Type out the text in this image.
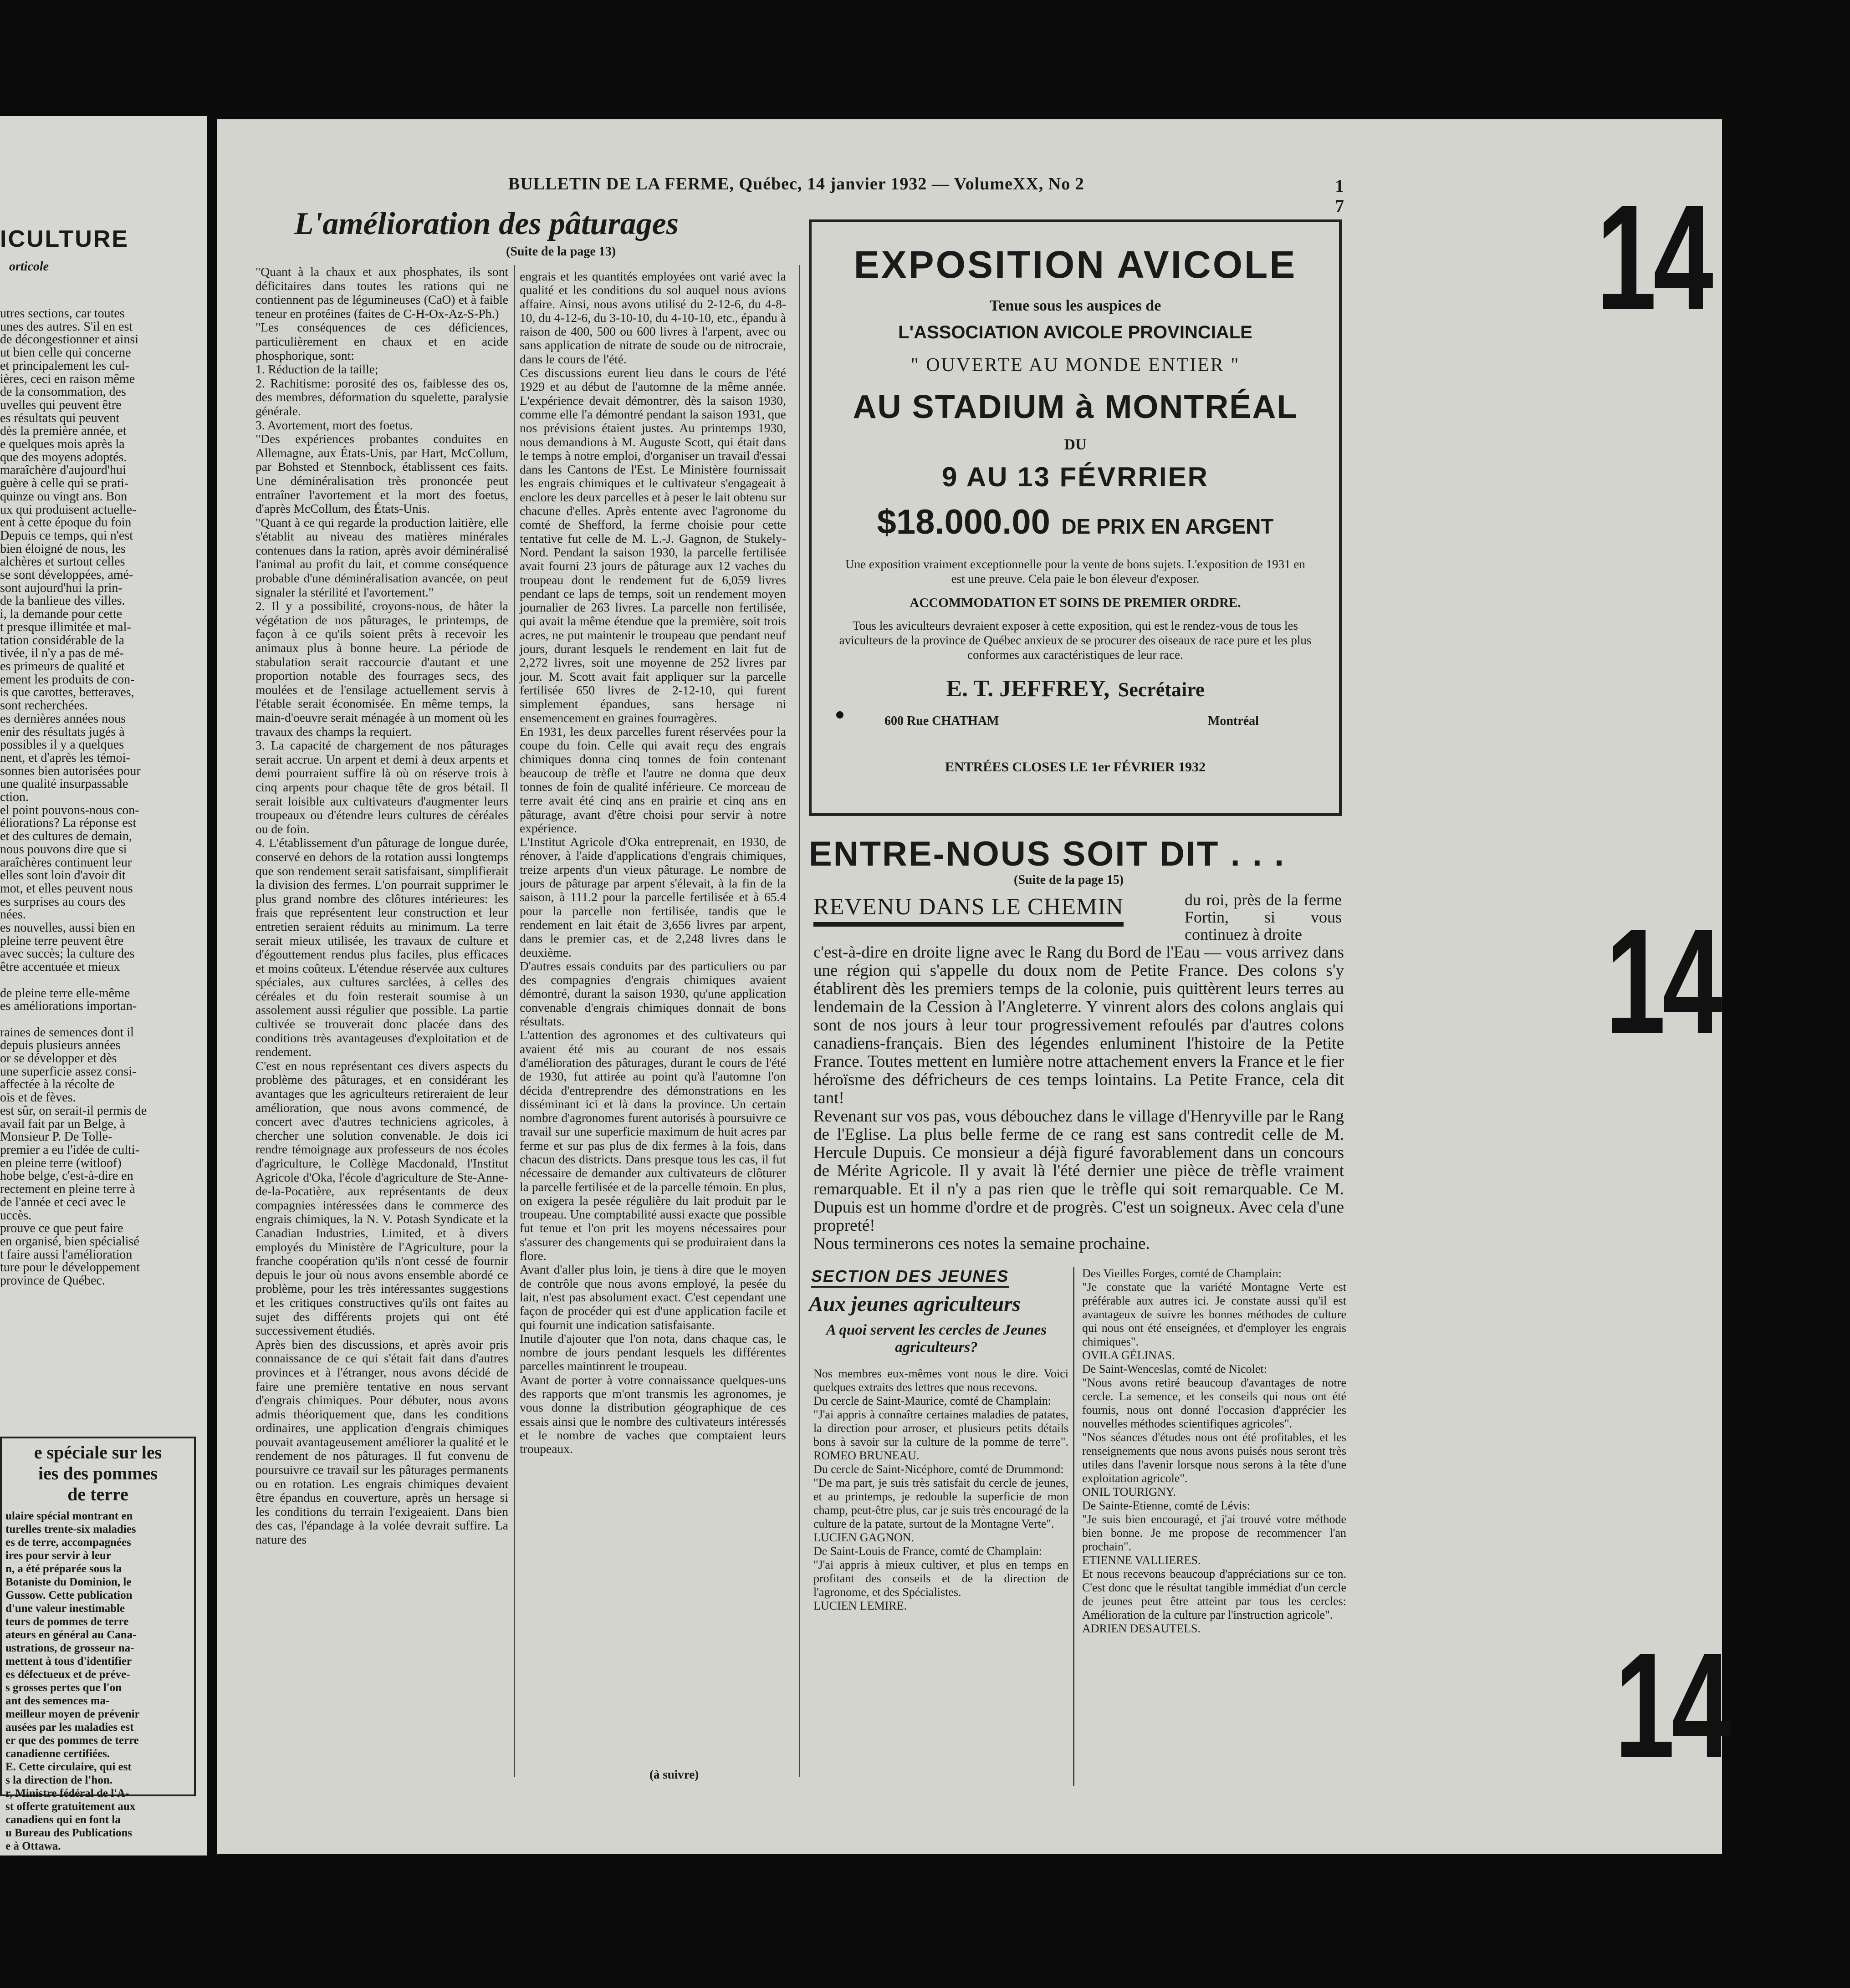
ICULTURE
orticole
utres sections, car toutes
unes des autres. S'il en est
de décongestionner et ainsi
ut bien celle qui concerne
et principalement les cul-
ières, ceci en raison même
de la consommation, des
uvelles qui peuvent être
es résultats qui peuvent
dès la première année, et
e quelques mois après la
que des moyens adoptés.
maraîchère d'aujourd'hui
guère à celle qui se prati-
quinze ou vingt ans. Bon
ux qui produisent actuelle-
ent à cette époque du foin
Depuis ce temps, qui n'est
bien éloigné de nous, les
alchères et surtout celles
se sont développées, amé-
sont aujourd'hui la prin-
de la banlieue des villes.
i, la demande pour cette
t presque illimitée et mal-
tation considérable de la
tivée, il n'y a pas de mé-
es primeurs de qualité et
ement les produits de con-
is que carottes, betteraves,
sont recherchées.
es dernières années nous
enir des résultats jugés à
possibles il y a quelques
nent, et d'après les témoi-
sonnes bien autorisées pour
une qualité insurpassable
ction.
el point pouvons-nous con-
éliorations? La réponse est
et des cultures de demain,
nous pouvons dire que si
araîchères continuent leur
elles sont loin d'avoir dit
mot, et elles peuvent nous
es surprises au cours des
nées.
es nouvelles, aussi bien en
pleine terre peuvent être
avec succès; la culture des
être accentuée et mieux

de pleine terre elle-même
es améliorations importan-

raines de semences dont il
depuis plusieurs années
or se développer et dès
une superficie assez consi-
affectée à la récolte de
ois et de fèves.
est sûr, on serait-il permis de
avail fait par un Belge, à
Monsieur P. De Tolle-
premier a eu l'idée de culti-
en pleine terre (witloof)
hobe belge, c'est-à-dire en
rectement en pleine terre à
de l'année et ceci avec le
uccès.
prouve ce que peut faire
en organisé, bien spécialisé
t faire aussi l'amélioration
ture pour le développement
province de Québec.
e spéciale sur les
ies des pommes
de terre
ulaire spécial montrant en
turelles trente-six maladies
es de terre, accompagnées
ires pour servir à leur
n, a été préparée sous la
Botaniste du Dominion, le
Gussow. Cette publication
d'une valeur inestimable
teurs de pommes de terre
ateurs en général au Cana-
ustrations, de grosseur na-
mettent à tous d'identifier
es défectueux et de préve-
s grosses pertes que l'on
ant des semences ma-
meilleur moyen de prévenir
ausées par les maladies est
er que des pommes de terre
canadienne certifiées.
E. Cette circulaire, qui est
s la direction de l'hon.
r, Ministre fédéral de l'A-
st offerte gratuitement aux
canadiens qui en font la
u Bureau des Publications
e à Ottawa.
BULLETIN DE LA FERME, Québec, 14 janvier 1932 — VolumeXX, No 2	1
7
L'amélioration des pâturages
(Suite de la page 13)
"Quant à la chaux et aux phosphates, ils sont déficitaires dans toutes les rations qui ne contiennent pas de légumineuses (CaO) et à faible teneur en protéines (faites de C-H-Ox-Az-S-Ph.)
"Les conséquences de ces déficiences, particulièrement en chaux et en acide phosphorique, sont:
1. Réduction de la taille;
2. Rachitisme: porosité des os, faiblesse des os, des membres, déformation du squelette, paralysie générale.
3. Avortement, mort des foetus.
"Des expériences probantes conduites en Allemagne, aux États-Unis, par Hart, McCollum, par Bohsted et Stennbock, établissent ces faits. Une déminéralisation très prononcée peut entraîner l'avortement et la mort des foetus, d'après McCollum, des États-Unis.
"Quant à ce qui regarde la production laitière, elle s'établit au niveau des matières minérales contenues dans la ration, après avoir déminéralisé l'animal au profit du lait, et comme conséquence probable d'une déminéralisation avancée, on peut signaler la stérilité et l'avortement."
2. Il y a possibilité, croyons-nous, de hâter la végétation de nos pâturages, le printemps, de façon à ce qu'ils soient prêts à recevoir les animaux plus à bonne heure. La période de stabulation serait raccourcie d'autant et une proportion notable des fourrages secs, des moulées et de l'ensilage actuellement servis à l'étable serait économisée. En même temps, la main-d'oeuvre serait ménagée à un moment où les travaux des champs la requiert.
3. La capacité de chargement de nos pâturages serait accrue. Un arpent et demi à deux arpents et demi pourraient suffire là où on réserve trois à cinq arpents pour chaque tête de gros bétail. Il serait loisible aux cultivateurs d'augmenter leurs troupeaux ou d'étendre leurs cultures de céréales ou de foin.
4. L'établissement d'un pâturage de longue durée, conservé en dehors de la rotation aussi longtemps que son rendement serait satisfaisant, simplifierait la division des fermes. L'on pourrait supprimer le plus grand nombre des clôtures intérieures: les frais que représentent leur construction et leur entretien seraient réduits au minimum. La terre serait mieux utilisée, les travaux de culture et d'égouttement rendus plus faciles, plus efficaces et moins coûteux. L'étendue réservée aux cultures spéciales, aux cultures sarclées, à celles des céréales et du foin resterait soumise à un assolement aussi régulier que possible. La partie cultivée se trouverait donc placée dans des conditions très avantageuses d'exploitation et de rendement.
C'est en nous représentant ces divers aspects du problème des pâturages, et en considérant les avantages que les agriculteurs retireraient de leur amélioration, que nous avons commencé, de concert avec d'autres techniciens agricoles, à chercher une solution convenable. Je dois ici rendre témoignage aux professeurs de nos écoles d'agriculture, le Collège Macdonald, l'Institut Agricole d'Oka, l'école d'agriculture de Ste-Anne-de-la-Pocatière, aux représentants de deux compagnies intéressées dans le commerce des engrais chimiques, la N. V. Potash Syndicate et la Canadian Industries, Limited, et à divers employés du Ministère de l'Agriculture, pour la franche coopération qu'ils n'ont cessé de fournir depuis le jour où nous avons ensemble abordé ce problème, pour les très intéressantes suggestions et les critiques constructives qu'ils ont faites au sujet des différents projets qui ont été successivement étudiés.
Après bien des discussions, et après avoir pris connaissance de ce qui s'était fait dans d'autres provinces et à l'étranger, nous avons décidé de faire une première tentative en nous servant d'engrais chimiques. Pour débuter, nous avons admis théoriquement que, dans les conditions ordinaires, une application d'engrais chimiques pouvait avantageusement améliorer la qualité et le rendement de nos pâturages. Il fut convenu de poursuivre ce travail sur les pâturages permanents ou en rotation. Les engrais chimiques devaient être épandus en couverture, après un hersage si les conditions du terrain l'exigeaient. Dans bien des cas, l'épandage à la volée devrait suffire. La nature des
engrais et les quantités employées ont varié avec la qualité et les conditions du sol auquel nous avions affaire. Ainsi, nous avons utilisé du 2-12-6, du 4-8-10, du 4-12-6, du 3-10-10, du 4-10-10, etc., épandu à raison de 400, 500 ou 600 livres à l'arpent, avec ou sans application de nitrate de soude ou de nitrocraie, dans le cours de l'été.
Ces discussions eurent lieu dans le cours de l'été 1929 et au début de l'automne de la même année. L'expérience devait démontrer, dès la saison 1930, comme elle l'a démontré pendant la saison 1931, que nos prévisions étaient justes. Au printemps 1930, nous demandions à M. Auguste Scott, qui était dans le temps à notre emploi, d'organiser un travail d'essai dans les Cantons de l'Est. Le Ministère fournissait les engrais chimiques et le cultivateur s'engageait à enclore les deux parcelles et à peser le lait obtenu sur chacune d'elles. Après entente avec l'agronome du comté de Shefford, la ferme choisie pour cette tentative fut celle de M. L.-J. Gagnon, de Stukely-Nord. Pendant la saison 1930, la parcelle fertilisée avait fourni 23 jours de pâturage aux 12 vaches du troupeau dont le rendement fut de 6,059 livres pendant ce laps de temps, soit un rendement moyen journalier de 263 livres. La parcelle non fertilisée, qui avait la même étendue que la première, soit trois acres, ne put maintenir le troupeau que pendant neuf jours, durant lesquels le rendement en lait fut de 2,272 livres, soit une moyenne de 252 livres par jour. M. Scott avait fait appliquer sur la parcelle fertilisée 650 livres de 2-12-10, qui furent simplement épandues, sans hersage ni ensemencement en graines fourragères.
En 1931, les deux parcelles furent réservées pour la coupe du foin. Celle qui avait reçu des engrais chimiques donna cinq tonnes de foin contenant beaucoup de trèfle et l'autre ne donna que deux tonnes de foin de qualité inférieure. Ce morceau de terre avait été cinq ans en prairie et cinq ans en pâturage, avant d'être choisi pour servir à notre expérience.
L'Institut Agricole d'Oka entreprenait, en 1930, de rénover, à l'aide d'applications d'engrais chimiques, treize arpents d'un vieux pâturage. Le nombre de jours de pâturage par arpent s'élevait, à la fin de la saison, à 111.2 pour la parcelle fertilisée et à 65.4 pour la parcelle non fertilisée, tandis que le rendement en lait était de 3,656 livres par arpent, dans le premier cas, et de 2,248 livres dans le deuxième.
D'autres essais conduits par des particuliers ou par des compagnies d'engrais chimiques avaient démontré, durant la saison 1930, qu'une application convenable d'engrais chimiques donnait de bons résultats.
L'attention des agronomes et des cultivateurs qui avaient été mis au courant de nos essais d'amélioration des pâturages, durant le cours de l'été de 1930, fut attirée au point qu'à l'automne l'on décida d'entreprendre des démonstrations en les disséminant ici et là dans la province. Un certain nombre d'agronomes furent autorisés à poursuivre ce travail sur une superficie maximum de huit acres par ferme et sur pas plus de dix fermes à la fois, dans chacun des districts. Dans presque tous les cas, il fut nécessaire de demander aux cultivateurs de clôturer la parcelle fertilisée et de la parcelle témoin. En plus, on exigera la pesée régulière du lait produit par le troupeau. Une comptabilité aussi exacte que possible fut tenue et l'on prit les moyens nécessaires pour s'assurer des changements qui se produiraient dans la flore.
Avant d'aller plus loin, je tiens à dire que le moyen de contrôle que nous avons employé, la pesée du lait, n'est pas absolument exact. C'est cependant une façon de procéder qui est d'une application facile et qui fournit une indication satisfaisante.
Inutile d'ajouter que l'on nota, dans chaque cas, le nombre de jours pendant lesquels les différentes parcelles maintinrent le troupeau.
Avant de porter à votre connaissance quelques-uns des rapports que m'ont transmis les agronomes, je vous donne la distribution géographique de ces essais ainsi que le nombre des cultivateurs intéressés et le nombre de vaches que comptaient leurs troupeaux.
(à suivre)
EXPOSITION AVICOLE
Tenue sous les auspices de
L'ASSOCIATION AVICOLE PROVINCIALE
" OUVERTE AU MONDE ENTIER "
AU STADIUM à MONTRÉAL
DU
9 AU 13 FÉVRRIER
$18.000.00 DE PRIX EN ARGENT
Une exposition vraiment exceptionnelle pour la vente de bons sujets. L'exposition de 1931 en est une preuve. Cela paie le bon éleveur d'exposer.
ACCOMMODATION ET SOINS DE PREMIER ORDRE.
Tous les aviculteurs devraient exposer à cette exposition, qui est le rendez-vous de tous les aviculteurs de la province de Québec anxieux de se procurer des oiseaux de race pure et les plus conformes aux caractéristiques de leur race.
E. T. JEFFREY, Secrétaire
600 Rue CHATHAM	Montréal
ENTRÉES CLOSES LE 1er FÉVRIER 1932
ENTRE-NOUS SOIT DIT . . .
(Suite de la page 15)
REVENU DANS LE CHEMIN	du roi, près de la ferme Fortin, si vous continuez à droite
c'est-à-dire en droite ligne avec le Rang du Bord de l'Eau — vous arrivez dans une région qui s'appelle du doux nom de Petite France. Des colons s'y établirent dès les premiers temps de la colonie, puis quittèrent leurs terres au lendemain de la Cession à l'Angleterre. Y vinrent alors des colons anglais qui sont de nos jours à leur tour progressivement refoulés par d'autres colons canadiens-français. Bien des légendes enluminent l'histoire de la Petite France. Toutes mettent en lumière notre attachement envers la France et le fier héroïsme des défricheurs de ces temps lointains. La Petite France, cela dit tant!
Revenant sur vos pas, vous débouchez dans le village d'Henryville par le Rang de l'Eglise. La plus belle ferme de ce rang est sans contredit celle de M. Hercule Dupuis. Ce monsieur a déjà figuré favorablement dans un concours de Mérite Agricole. Il y avait là l'été dernier une pièce de trèfle vraiment remarquable. Et il n'y a pas rien que le trèfle qui soit remarquable. Ce M. Dupuis est un homme d'ordre et de progrès. C'est un soigneux. Avec cela d'une propreté!
Nous terminerons ces notes la semaine prochaine.
SECTION DES JEUNES
Aux jeunes agriculteurs
A quoi servent les cercles de Jeunes agriculteurs?
Nos membres eux-mêmes vont nous le dire. Voici quelques extraits des lettres que nous recevons.
Du cercle de Saint-Maurice, comté de Champlain:
"J'ai appris à connaître certaines maladies de patates, la direction pour arroser, et plusieurs petits détails bons à savoir sur la culture de la pomme de terre". ROMEO BRUNEAU.
Du cercle de Saint-Nicéphore, comté de Drummond:
"De ma part, je suis très satisfait du cercle de jeunes, et au printemps, je redouble la superficie de mon champ, peut-être plus, car je suis très encouragé de la culture de la patate, surtout de la Montagne Verte".
LUCIEN GAGNON.
De Saint-Louis de France, comté de Champlain:
"J'ai appris à mieux cultiver, et plus en temps en profitant des conseils et de la direction de l'agronome, et des Spécialistes.
LUCIEN LEMIRE.
Des Vieilles Forges, comté de Champlain:
"Je constate que la variété Montagne Verte est préférable aux autres ici. Je constate aussi qu'il est avantageux de suivre les bonnes méthodes de culture qui nous ont été enseignées, et d'employer les engrais chimiques".
OVILA GÉLINAS.
De Saint-Wenceslas, comté de Nicolet:
"Nous avons retiré beaucoup d'avantages de notre cercle. La semence, et les conseils qui nous ont été fournis, nous ont donné l'occasion d'apprécier les nouvelles méthodes scientifiques agricoles".
"Nos séances d'études nous ont été profitables, et les renseignements que nous avons puisés nous seront très utiles dans l'avenir lorsque nous serons à la tête d'une exploitation agricole".
ONIL TOURIGNY.
De Sainte-Etienne, comté de Lévis:
"Je suis bien encouragé, et j'ai trouvé votre méthode bien bonne. Je me propose de recommencer l'an prochain".
ETIENNE VALLIERES.
Et nous recevons beaucoup d'appréciations sur ce ton. C'est donc que le résultat tangible immédiat d'un cercle de jeunes peut être atteint par tous les cercles: Amélioration de la culture par l'instruction agricole".
ADRIEN DESAUTELS.
14
14
14
